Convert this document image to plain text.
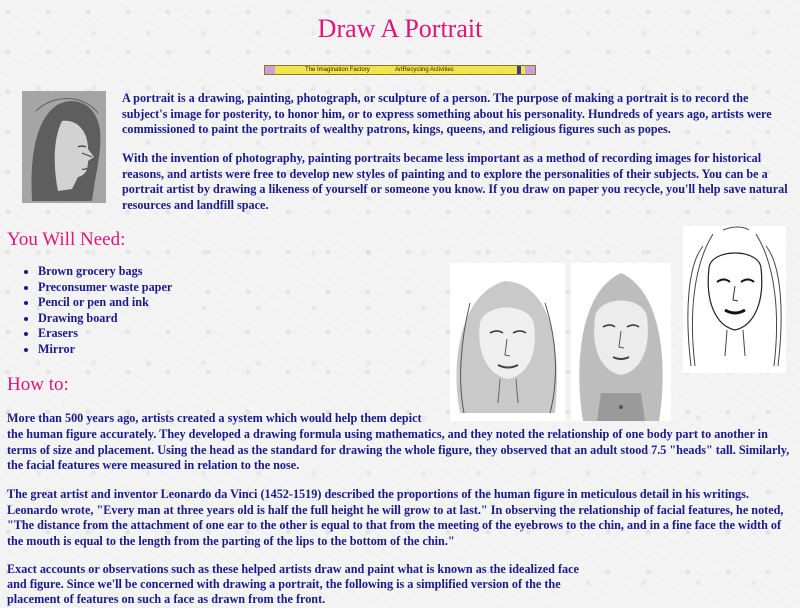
Draw A Portrait
The Imagination Factory	ArtRecycling Activities

A portrait is a drawing, painting, photograph, or sculpture of a person. The purpose of making a portrait is to record the subject's image for posterity, to honor him, or to express something about his personality. Hundreds of years ago, artists were commissioned to paint the portraits of wealthy patrons, kings, queens, and religious figures such as popes.

With the invention of photography, painting portraits became less important as a method of recording images for historical reasons, and artists were free to develop new styles of painting and to explore the personalities of their subjects. You can be a portrait artist by drawing a likeness of yourself or someone you know. If you draw on paper you recycle, you'll help save natural resources and landfill space.

You Will Need:
• Brown grocery bags
• Preconsumer waste paper
• Pencil or pen and ink
• Drawing board
• Erasers
• Mirror
How to:

More than 500 years ago, artists created a system which would help them depict

the human figure accurately. They developed a drawing formula using mathematics, and they noted the relationship of one body part to another in terms of size and placement. Using the head as the standard for drawing the whole figure, they observed that an adult stood 7.5 "heads" tall. Similarly, the facial features were measured in relation to the nose.

The great artist and inventor Leonardo da Vinci (1452-1519) described the proportions of the human figure in meticulous detail in his writings. Leonardo wrote, "Every man at three years old is half the full height he will grow to at last." In observing the relationship of facial features, he noted, "The distance from the attachment of one ear to the other is equal to that from the meeting of the eyebrows to the chin, and in a fine face the width of the mouth is equal to the length from the parting of the lips to the bottom of the chin."

Exact accounts or observations such as these helped artists draw and paint what is known as the idealized face

and figure. Since we'll be concerned with drawing a portrait, the following is a simplified version of the the

placement of features on such a face as drawn from the front.
